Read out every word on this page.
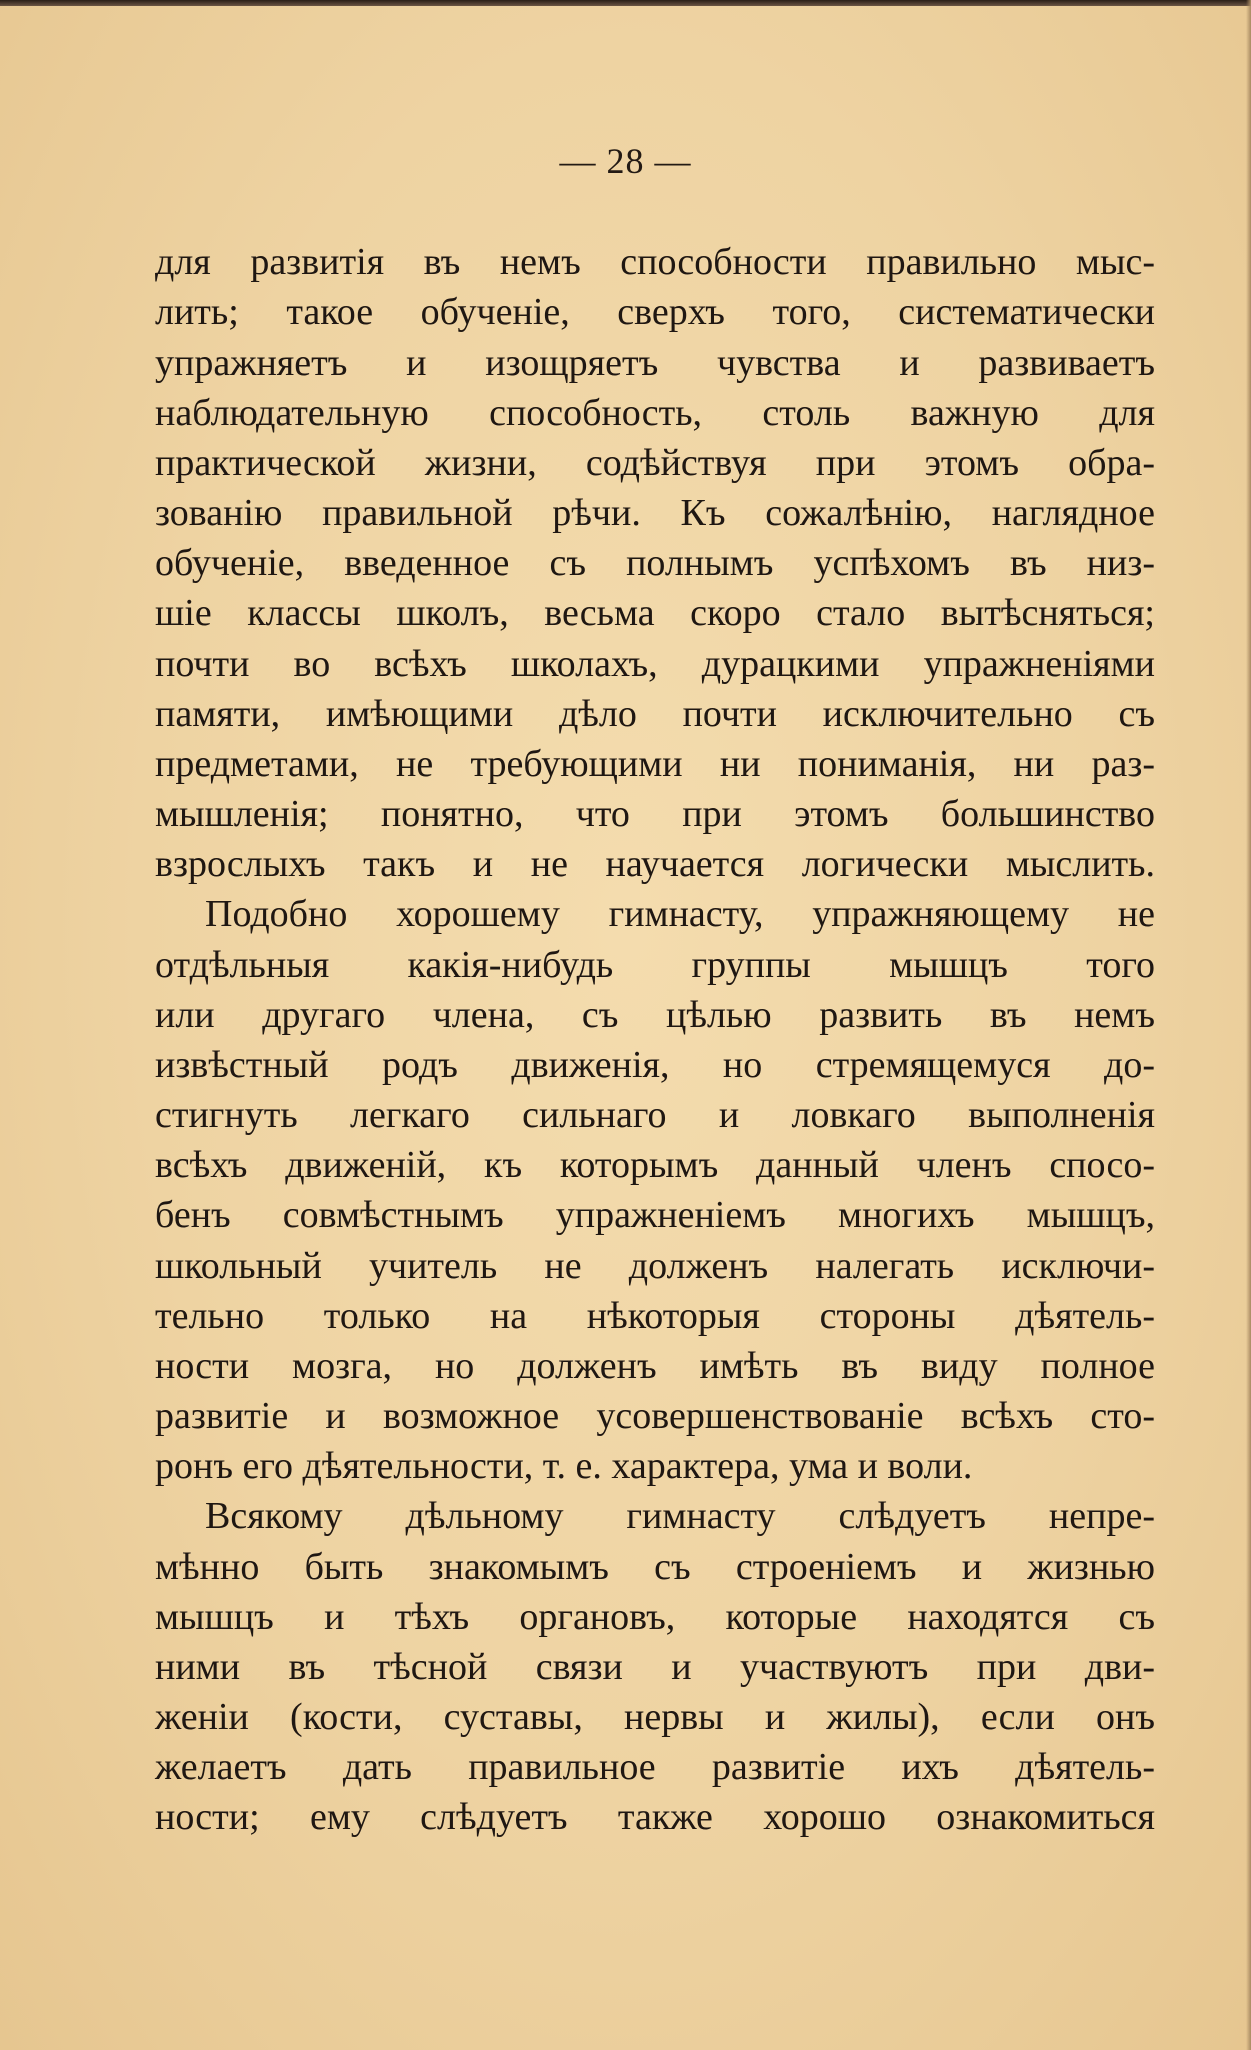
— 28 —
для развитія въ немъ способности правильно мыс-
лить; такое обученіе, сверхъ того, систематически
упражняетъ и изощряетъ чувства и развиваетъ
наблюдательную способность, столь важную для
практической жизни, содѣйствуя при этомъ обра-
зованію правильной рѣчи. Къ сожалѣнію, наглядное
обученіе, введенное съ полнымъ успѣхомъ въ низ-
шіе классы школъ, весьма скоро стало вытѣсняться;
почти во всѣхъ школахъ, дурацкими упражненіями
памяти, имѣющими дѣло почти исключительно съ
предметами, не требующими ни пониманія, ни раз-
мышленія; понятно, что при этомъ большинство
взрослыхъ такъ и не научается логически мыслить.
Подобно хорошему гимнасту, упражняющему не
отдѣльныя какія-нибудь группы мышцъ того
или другаго члена, съ цѣлью развить въ немъ
извѣстный родъ движенія, но стремящемуся до-
стигнуть легкаго сильнаго и ловкаго выполненія
всѣхъ движеній, къ которымъ данный членъ спосо-
бенъ совмѣстнымъ упражненіемъ многихъ мышцъ,
школьный учитель не долженъ налегать исключи-
тельно только на нѣкоторыя стороны дѣятель-
ности мозга, но долженъ имѣть въ виду полное
развитіе и возможное усовершенствованіе всѣхъ сто-
ронъ его дѣятельности, т. е. характера, ума и воли.
Всякому дѣльному гимнасту слѣдуетъ непре-
мѣнно быть знакомымъ съ строеніемъ и жизнью
мышцъ и тѣхъ органовъ, которые находятся съ
ними въ тѣсной связи и участвуютъ при дви-
женіи (кости, суставы, нервы и жилы), если онъ
желаетъ дать правильное развитіе ихъ дѣятель-
ности; ему слѣдуетъ также хорошо ознакомиться
